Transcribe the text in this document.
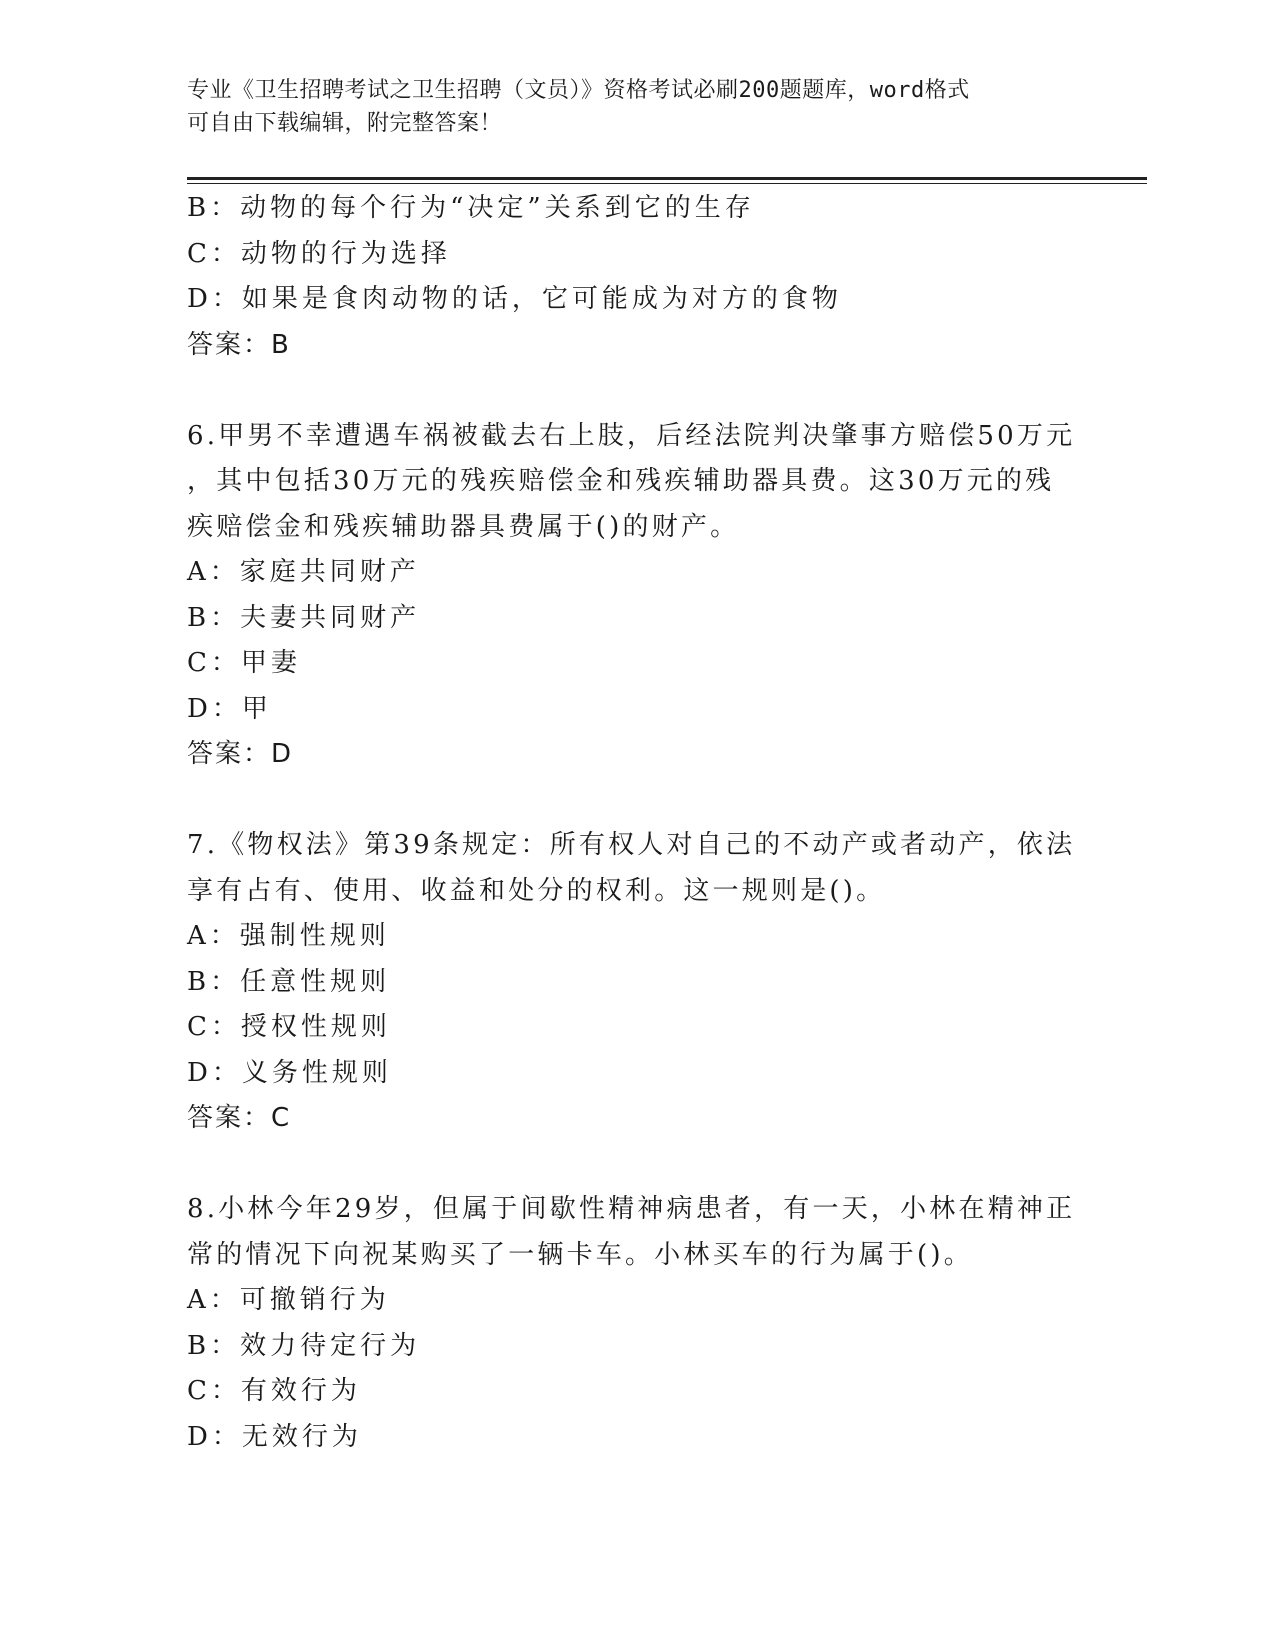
专业《卫生招聘考试之卫生招聘（文员）》资格考试必刷200题题库，word格式
可自由下载编辑，附完整答案！
B：动物的每个行为“决定”关系到它的生存
C：动物的行为选择
D：如果是食肉动物的话，它可能成为对方的食物
答案：B
6.甲男不幸遭遇车祸被截去右上肢，后经法院判决肇事方赔偿50万元
，其中包括30万元的残疾赔偿金和残疾辅助器具费。这30万元的残
疾赔偿金和残疾辅助器具费属于()的财产。
A：家庭共同财产
B：夫妻共同财产
C：甲妻
D：甲
答案：D
7.《物权法》第39条规定：所有权人对自己的不动产或者动产，依法
享有占有、使用、收益和处分的权利。这一规则是()。
A：强制性规则
B：任意性规则
C：授权性规则
D：义务性规则
答案：C
8.小林今年29岁，但属于间歇性精神病患者，有一天，小林在精神正
常的情况下向祝某购买了一辆卡车。小林买车的行为属于()。
A：可撤销行为
B：效力待定行为
C：有效行为
D：无效行为
